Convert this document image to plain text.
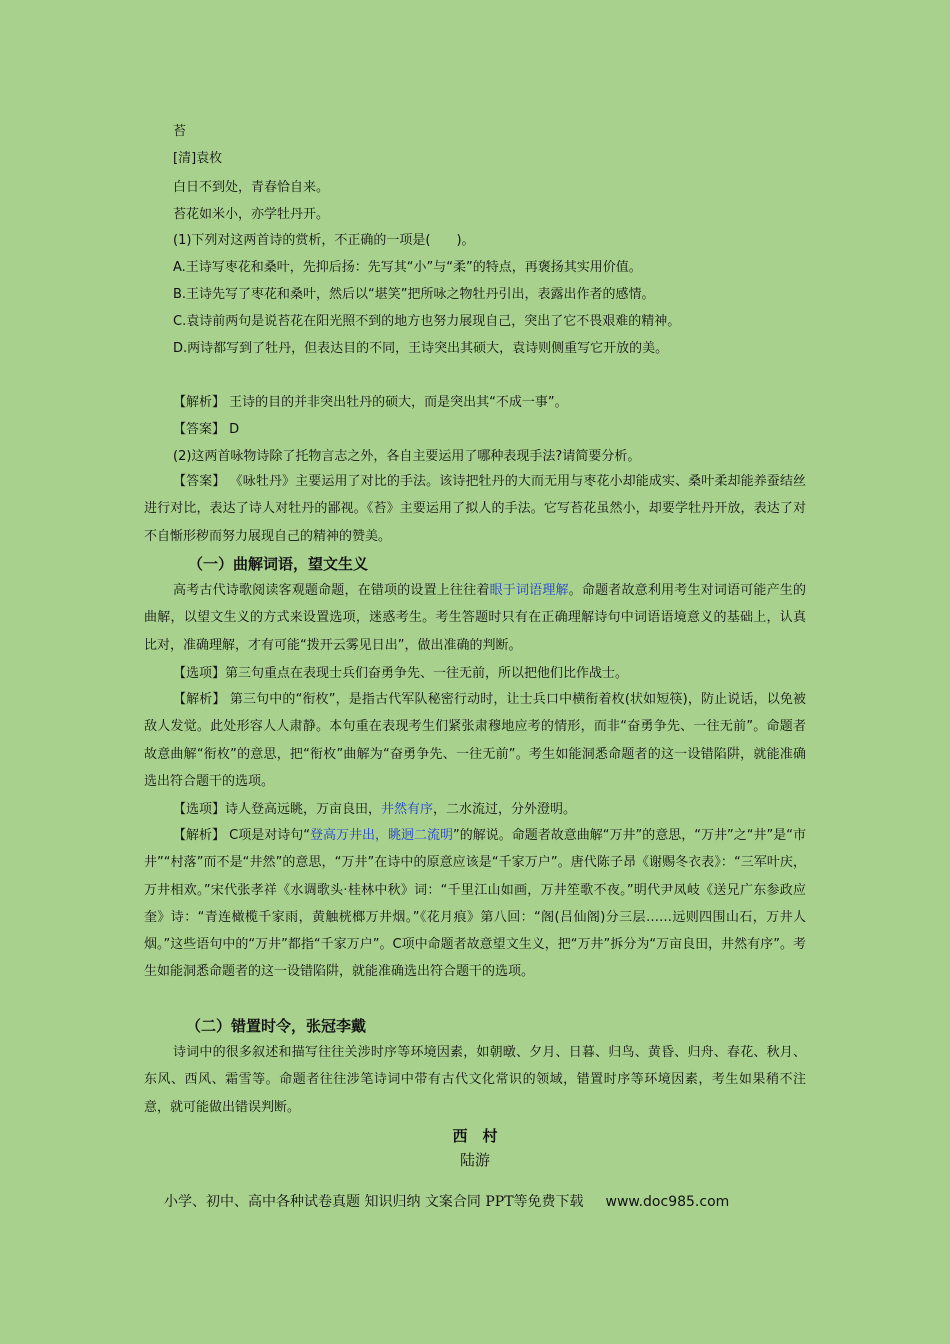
苔

[清]袁枚

白日不到处，青春恰自来。

苔花如米小，亦学牡丹开。

(1)下列对这两首诗的赏析，不正确的一项是(　　)。

A.王诗写枣花和桑叶，先抑后扬：先写其“小”与“柔”的特点，再褒扬其实用价值。

B.王诗先写了枣花和桑叶，然后以“堪笑”把所咏之物牡丹引出，表露出作者的感情。

C.袁诗前两句是说苔花在阳光照不到的地方也努力展现自己，突出了它不畏艰难的精神。

D.两诗都写到了牡丹，但表达目的不同，王诗突出其硕大，袁诗则侧重写它开放的美。

【解析】 王诗的目的并非突出牡丹的硕大，而是突出其“不成一事”。

【答案】 D

(2)这两首咏物诗除了托物言志之外，各自主要运用了哪种表现手法?请简要分析。

【答案】 《咏牡丹》主要运用了对比的手法。该诗把牡丹的大而无用与枣花小却能成实、桑叶柔却能养蚕结丝进行对比，表达了诗人对牡丹的鄙视。《苔》主要运用了拟人的手法。它写苔花虽然小，却要学牡丹开放，表达了对不自惭形秽而努力展现自己的精神的赞美。

（一）曲解词语，望文生义

高考古代诗歌阅读客观题命题，在错项的设置上往往着眼于词语理解。命题者故意利用考生对词语可能产生的曲解，以望文生义的方式来设置选项，迷惑考生。考生答题时只有在正确理解诗句中词语语境意义的基础上，认真比对，准确理解，才有可能“拨开云雾见日出”，做出准确的判断。

【选项】第三句重点在表现士兵们奋勇争先、一往无前，所以把他们比作战士。

【解析】 第三句中的“衔枚”，是指古代军队秘密行动时，让士兵口中横衔着枚(状如短筷)，防止说话，以免被敌人发觉。此处形容人人肃静。本句重在表现考生们紧张肃穆地应考的情形，而非“奋勇争先、一往无前”。命题者故意曲解“衔枚”的意思，把“衔枚”曲解为“奋勇争先、一往无前”。考生如能洞悉命题者的这一设错陷阱，就能准确选出符合题干的选项。

【选项】诗人登高远眺，万亩良田，井然有序，二水流过，分外澄明。

【解析】 C项是对诗句“登高万井出，眺迥二流明”的解说。命题者故意曲解“万井”的意思，“万井”之“井”是“市井”“村落”而不是“井然”的意思，“万井”在诗中的原意应该是“千家万户”。唐代陈子昂《谢赐冬衣表》：“三军叶庆，万井相欢。”宋代张孝祥《水调歌头·桂林中秋》词：“千里江山如画，万井笙歌不夜。”明代尹凤岐《送兄广东参政应奎》诗：“青连橄榄千家雨，黄触桄榔万井烟。”《花月痕》第八回：“阁(吕仙阁)分三层……远则四围山石，万井人烟。”这些语句中的“万井”都指“千家万户”。C项中命题者故意望文生义，把“万井”拆分为“万亩良田，井然有序”。考生如能洞悉命题者的这一设错陷阱，就能准确选出符合题干的选项。

（二）错置时令，张冠李戴

诗词中的很多叙述和描写往往关涉时序等环境因素，如朝暾、夕月、日暮、归鸟、黄昏、归舟、春花、秋月、东风、西风、霜雪等。命题者往往涉笔诗词中带有古代文化常识的领域，错置时序等环境因素，考生如果稍不注意，就可能做出错误判断。

西　村

陆游

小学、初中、高中各种试卷真题 知识归纳 文案合同 PPT等免费下载 www.doc985.com
